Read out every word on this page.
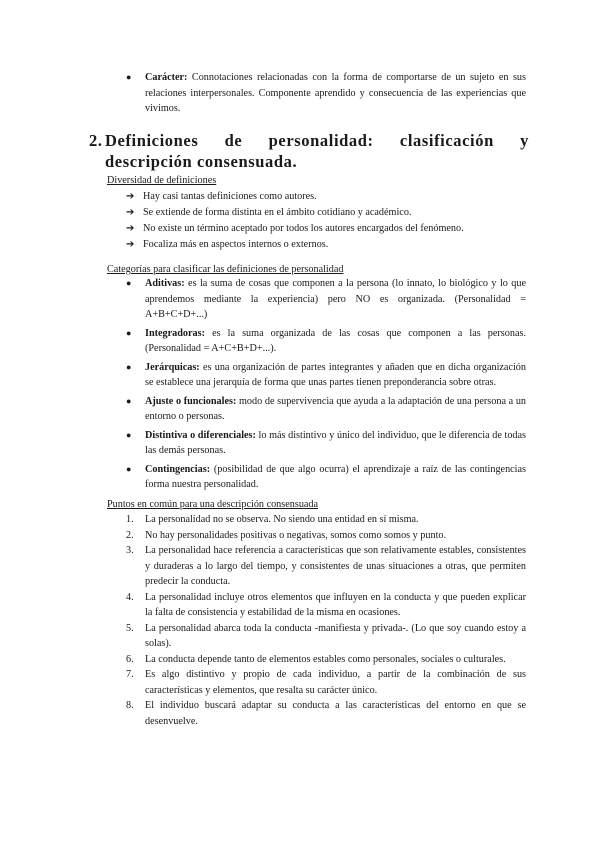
● Carácter: Connotaciones relacionadas con la forma de comportarse de un sujeto en sus relaciones interpersonales. Componente aprendido y consecuencia de las experiencias que vivimos.
2. Definiciones de personalidad: clasificación y descripción consensuada.
Diversidad de definiciones
➔ Hay casi tantas definiciones como autores.
➔ Se extiende de forma distinta en el ámbito cotidiano y académico.
➔ No existe un término aceptado por todos los autores encargados del fenómeno.
➔ Focaliza más en aspectos internos o externos.
Categorías para clasificar las definiciones de personalidad
● Aditivas: es la suma de cosas que componen a la persona (lo innato, lo biológico y lo que aprendemos mediante la experiencia) pero NO es organizada. (Personalidad = A+B+C+D+...)
● Integradoras: es la suma organizada de las cosas que componen a las personas. (Personalidad = A+C+B+D+...).
● Jerárquicas: es una organización de partes integrantes y añaden que en dicha organización se establece una jerarquía de forma que unas partes tienen preponderancia sobre otras.
● Ajuste o funcionales: modo de supervivencia que ayuda a la adaptación de una persona a un entorno o personas.
● Distintiva o diferenciales: lo más distintivo y único del individuo, que le diferencia de todas las demás personas.
● Contingencias: (posibilidad de que algo ocurra) el aprendizaje a raíz de las contingencias forma nuestra personalidad.
Puntos en común para una descripción consensuada
1. La personalidad no se observa. No siendo una entidad en sí misma.
2. No hay personalidades positivas o negativas, somos como somos y punto.
3. La personalidad hace referencia a características que son relativamente estables, consistentes y duraderas a lo largo del tiempo, y consistentes de unas situaciones a otras, que permiten predecir la conducta.
4. La personalidad incluye otros elementos que influyen en la conducta y que pueden explicar la falta de consistencia y estabilidad de la misma en ocasiones.
5. La personalidad abarca toda la conducta -manifiesta y privada-. (Lo que soy cuando estoy a solas).
6. La conducta depende tanto de elementos estables como personales, sociales o culturales.
7. Es algo distintivo y propio de cada individuo, a partir de la combinación de sus características y elementos, que resalta su carácter único.
8. El individuo buscará adaptar su conducta a las características del entorno en que se desenvuelve.
